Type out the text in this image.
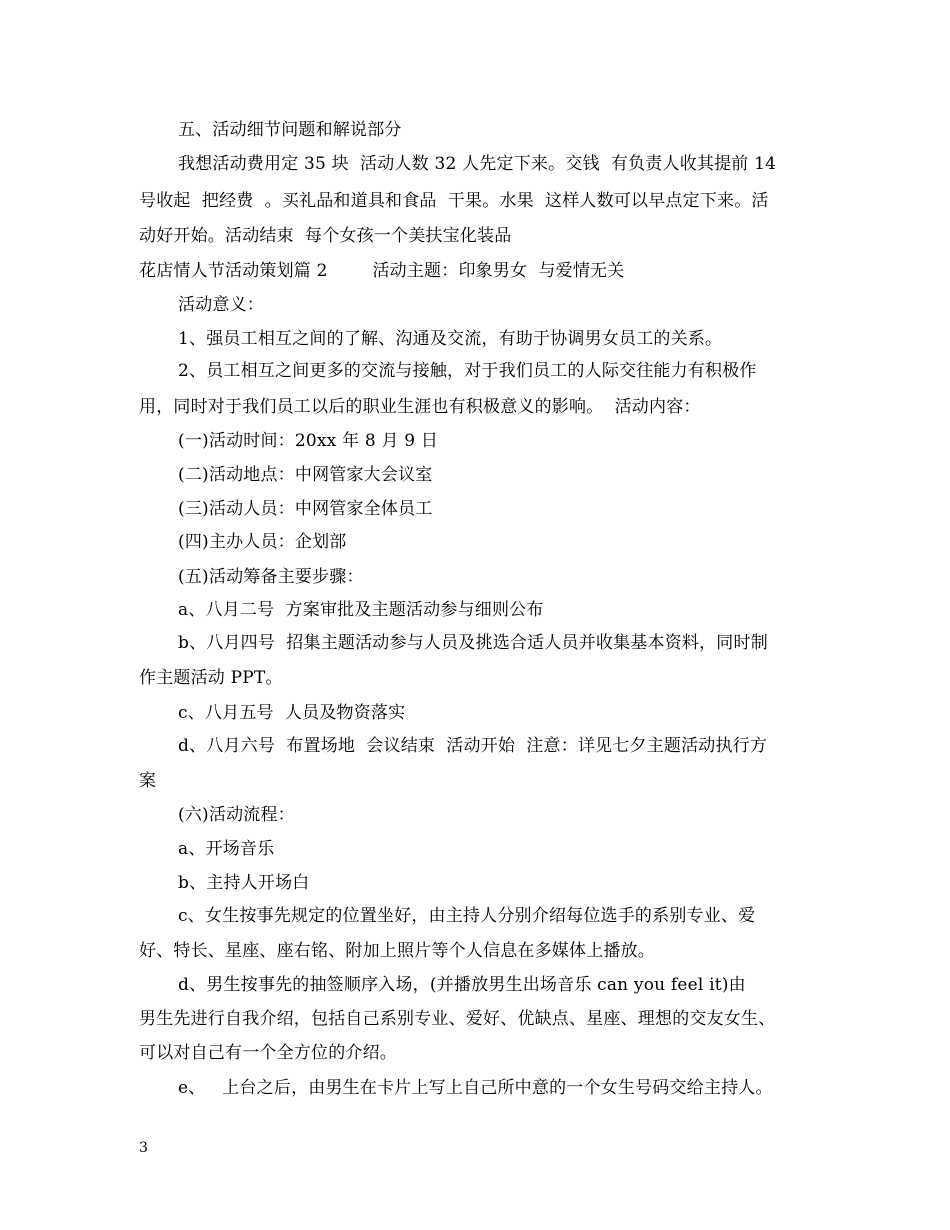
五、活动细节问题和解说部分
我想活动费用定 35 块  活动人数 32 人先定下来。交钱  有负责人收其提前 14
号收起  把经费  。买礼品和道具和食品  干果。水果  这样人数可以早点定下来。活
动好开始。活动结束  每个女孩一个美扶宝化装品
花店情人节活动策划篇 2        活动主题：印象男女  与爱情无关
活动意义：
1、强员工相互之间的了解、沟通及交流，有助于协调男女员工的关系。
2、员工相互之间更多的交流与接触，对于我们员工的人际交往能力有积极作
用，同时对于我们员工以后的职业生涯也有积极意义的影响。  活动内容：
(一)活动时间：20xx 年 8 月 9 日
(二)活动地点：中网管家大会议室
(三)活动人员：中网管家全体员工
(四)主办人员：企划部
(五)活动筹备主要步骤：
a、八月二号  方案审批及主题活动参与细则公布
b、八月四号  招集主题活动参与人员及挑选合适人员并收集基本资料，同时制
作主题活动 PPT。
c、八月五号  人员及物资落实
d、八月六号  布置场地  会议结束  活动开始  注意：详见七夕主题活动执行方
案
(六)活动流程：
a、开场音乐
b、主持人开场白
c、女生按事先规定的位置坐好，由主持人分别介绍每位选手的系别专业、爱
好、特长、星座、座右铭、附加上照片等个人信息在多媒体上播放。
d、男生按事先的抽签顺序入场，(并播放男生出场音乐 can you feel it)由
男生先进行自我介绍，包括自己系别专业、爱好、优缺点、星座、理想的交友女生、
可以对自己有一个全方位的介绍。
e、   上台之后，由男生在卡片上写上自己所中意的一个女生号码交给主持人。
3
